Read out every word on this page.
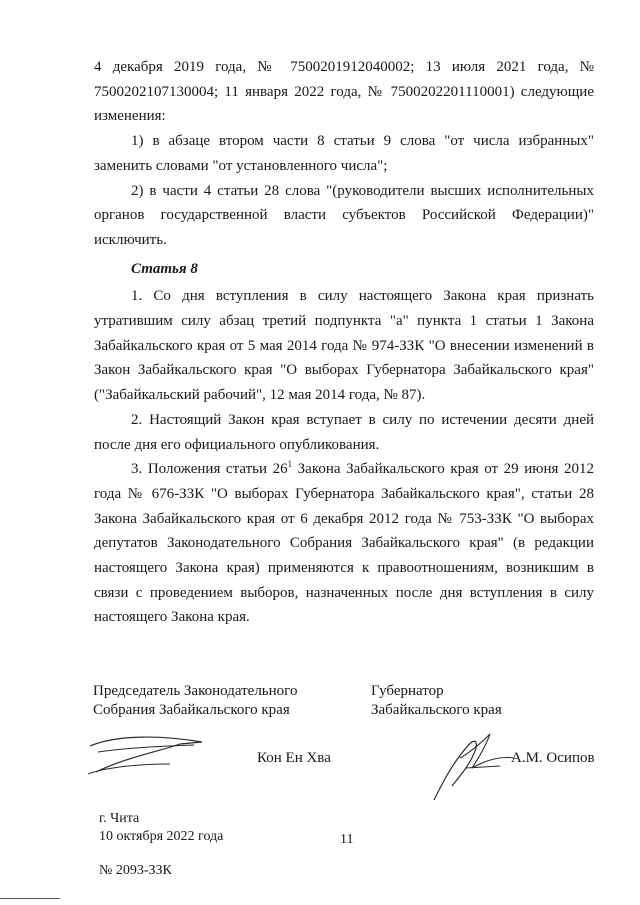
4 декабря 2019 года, № 7500201912040002; 13 июля 2021 года, № 7500202107130004; 11 января 2022 года, № 7500202201110001) следующие изменения:

1) в абзаце втором части 8 статьи 9 слова "от числа избранных" заменить словами "от установленного числа";

2) в части 4 статьи 28 слова "(руководители высших исполнительных органов государственной власти субъектов Российской Федерации)" исключить.

Статья 8

1. Со дня вступления в силу настоящего Закона края признать утратившим силу абзац третий подпункта "а" пункта 1 статьи 1 Закона Забайкальского края от 5 мая 2014 года № 974-ЗЗК "О внесении изменений в Закон Забайкальского края "О выборах Губернатора Забайкальского края" ("Забайкальский рабочий", 12 мая 2014 года, № 87).

2. Настоящий Закон края вступает в силу по истечении десяти дней после дня его официального опубликования.

3. Положения статьи $26^1$ Закона Забайкальского края от 29 июня 2012 года № 676-ЗЗК "О выборах Губернатора Забайкальского края", статьи 28 Закона Забайкальского края от 6 декабря 2012 года № 753-ЗЗК "О выборах депутатов Законодательного Собрания Забайкальского края" (в редакции настоящего Закона края) применяются к правоотношениям, возникшим в связи с проведением выборов, назначенных после дня вступления в силу настоящего Закона края.

Председатель Законодательного
Собрания Забайкальского края
Губернатор
Забайкальского края
Кон Ен Хва	А.М. Осипов
г. Чита
10 октября 2022 года	11
№ 2093-ЗЗК
